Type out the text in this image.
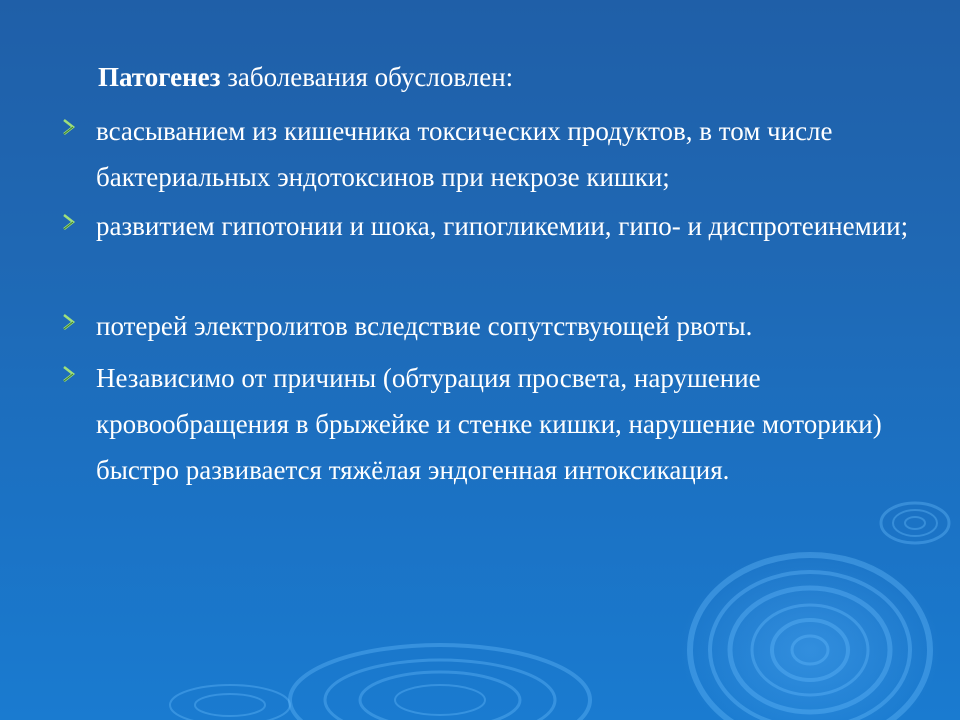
Патогенез заболевания обусловлен:
всасыванием из кишечника токсических продуктов, в том числе бактериальных эндотоксинов при некрозе кишки;
развитием гипотонии и шока, гипогликемии, гипо- и диспротеинемии;
потерей электролитов вследствие сопутствующей рвоты.
Независимо от причины (обтурация просвета, нарушение кровообращения в брыжейке и стенке кишки, нарушение моторики) быстро развивается тяжёлая эндогенная интоксикация.
